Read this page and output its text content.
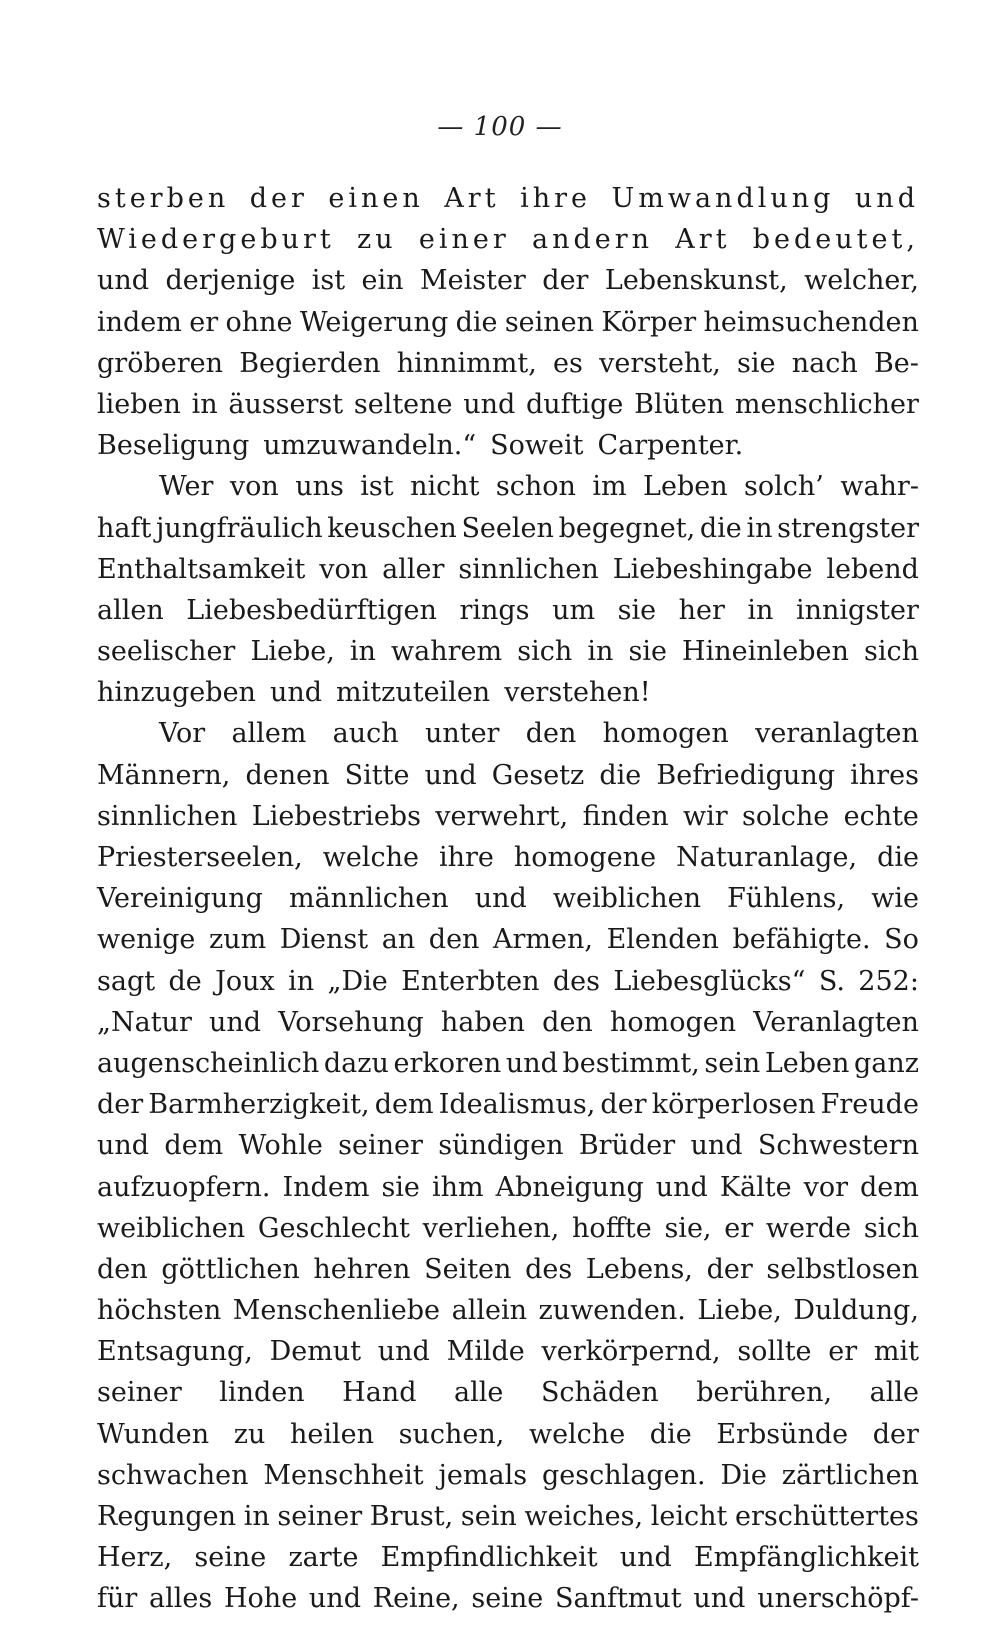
— 100 —
sterben der einen Art ihre Umwandlung und
Wiedergeburt zu einer andern Art bedeutet,
und derjenige ist ein Meister der Lebenskunst, welcher,
indem er ohne Weigerung die seinen Körper heimsuchenden
gröberen Begierden hinnimmt, es versteht, sie nach Be-
lieben in äusserst seltene und duftige Blüten menschlicher
Beseligung umzuwandeln.“ Soweit Carpenter.
Wer von uns ist nicht schon im Leben solch’ wahr-
haft jungfräulich keuschen Seelen begegnet, die in strengster
Enthaltsamkeit von aller sinnlichen Liebeshingabe lebend
allen Liebesbedürftigen rings um sie her in innigster
seelischer Liebe, in wahrem sich in sie Hineinleben sich
hinzugeben und mitzuteilen verstehen!
Vor allem auch unter den homogen veranlagten
Männern, denen Sitte und Gesetz die Befriedigung ihres
sinnlichen Liebestriebs verwehrt, finden wir solche echte
Priesterseelen, welche ihre homogene Naturanlage, die
Vereinigung männlichen und weiblichen Fühlens, wie
wenige zum Dienst an den Armen, Elenden befähigte. So
sagt de Joux in „Die Enterbten des Liebesglücks“ S. 252:
„Natur und Vorsehung haben den homogen Veranlagten
augenscheinlich dazu erkoren und bestimmt, sein Leben ganz
der Barmherzigkeit, dem Idealismus, der körperlosen Freude
und dem Wohle seiner sündigen Brüder und Schwestern
aufzuopfern. Indem sie ihm Abneigung und Kälte vor dem
weiblichen Geschlecht verliehen, hoffte sie, er werde sich
den göttlichen hehren Seiten des Lebens, der selbstlosen
höchsten Menschenliebe allein zuwenden. Liebe, Duldung,
Entsagung, Demut und Milde verkörpernd, sollte er mit
seiner linden Hand alle Schäden berühren, alle
Wunden zu heilen suchen, welche die Erbsünde der
schwachen Menschheit jemals geschlagen. Die zärtlichen
Regungen in seiner Brust, sein weiches, leicht erschüttertes
Herz, seine zarte Empfindlichkeit und Empfänglichkeit
für alles Hohe und Reine, seine Sanftmut und unerschöpf-
